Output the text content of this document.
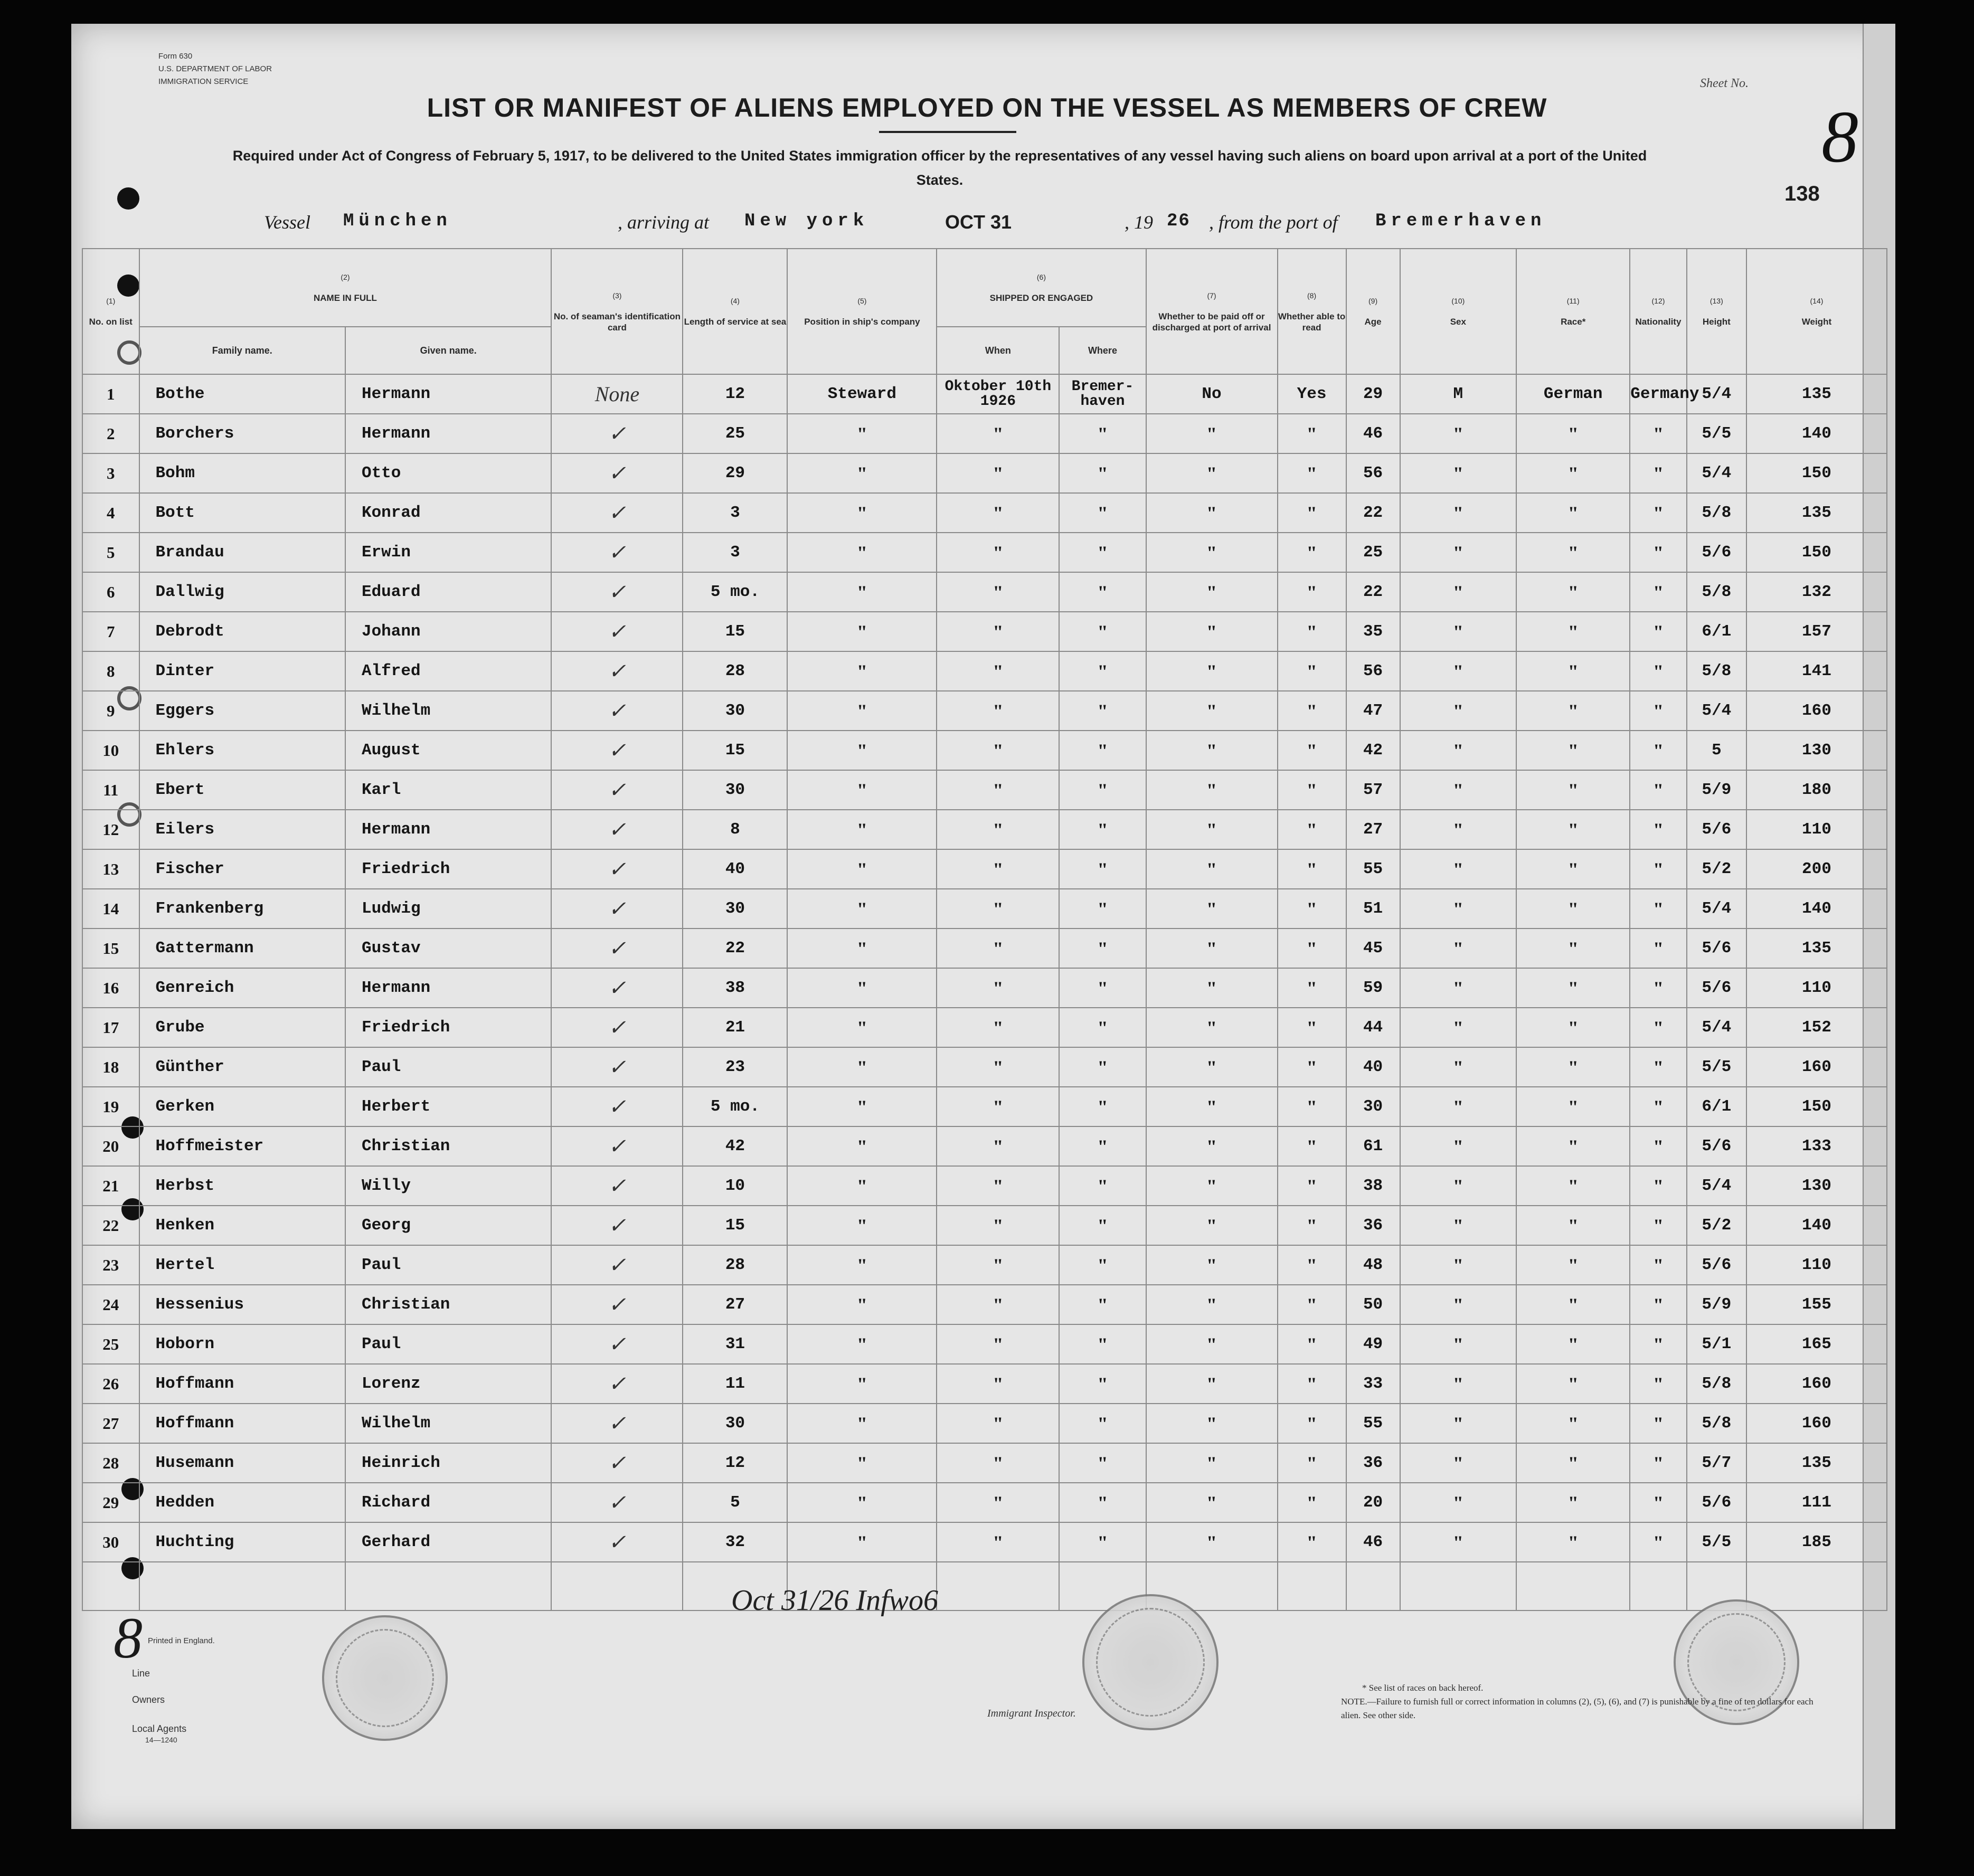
Form 630
U.S. DEPARTMENT OF LABOR
IMMIGRATION SERVICE
LIST OR MANIFEST OF ALIENS EMPLOYED ON THE VESSEL AS MEMBERS OF CREW
Required under Act of Congress of February 5, 1917, to be delivered to the United States immigration officer by the representatives of any vessel having such aliens on board upon arrival at a port of the United States.
Sheet No.
8
138
Vessel München	, arriving at New york	OCT 31	, 19 26 , from the port of Bremerhaven
(1)
No. on list	(2)
NAME IN FULL		(3)
No. of seaman's identification card	(4)
Length of service at sea	(5)
Position in ship's company	(6)
SHIPPED OR ENGAGED		(7)
Whether to be paid off or discharged at port of arrival	(8)
Whether able to read	(9)
Age	(10)
Sex	(11)
Race*	(12)
Nationality	(13)
Height	(14)
Weight
	Family name.	Given name.				When	Where								
1	Bothe	Hermann	None	12	Steward	Oktober 10th 1926	Bremer-haven	No	Yes	29	M	German	Germany	5/4	135
2	Borchers	Hermann	✓	25	"	"	"	"	"	46	"	"	"	5/5	140
3	Bohm	Otto	✓	29	"	"	"	"	"	56	"	"	"	5/4	150
4	Bott	Konrad	✓	3	"	"	"	"	"	22	"	"	"	5/8	135
5	Brandau	Erwin	✓	3	"	"	"	"	"	25	"	"	"	5/6	150
6	Dallwig	Eduard	✓	5 mo.	"	"	"	"	"	22	"	"	"	5/8	132
7	Debrodt	Johann	✓	15	"	"	"	"	"	35	"	"	"	6/1	157
8	Dinter	Alfred	✓	28	"	"	"	"	"	56	"	"	"	5/8	141
9	Eggers	Wilhelm	✓	30	"	"	"	"	"	47	"	"	"	5/4	160
10	Ehlers	August	✓	15	"	"	"	"	"	42	"	"	"	5	130
11	Ebert	Karl	✓	30	"	"	"	"	"	57	"	"	"	5/9	180
12	Eilers	Hermann	✓	8	"	"	"	"	"	27	"	"	"	5/6	110
13	Fischer	Friedrich	✓	40	"	"	"	"	"	55	"	"	"	5/2	200
14	Frankenberg	Ludwig	✓	30	"	"	"	"	"	51	"	"	"	5/4	140
15	Gattermann	Gustav	✓	22	"	"	"	"	"	45	"	"	"	5/6	135
16	Genreich	Hermann	✓	38	"	"	"	"	"	59	"	"	"	5/6	110
17	Grube	Friedrich	✓	21	"	"	"	"	"	44	"	"	"	5/4	152
18	Günther	Paul	✓	23	"	"	"	"	"	40	"	"	"	5/5	160
19	Gerken	Herbert	✓	5 mo.	"	"	"	"	"	30	"	"	"	6/1	150
20	Hoffmeister	Christian	✓	42	"	"	"	"	"	61	"	"	"	5/6	133
21	Herbst	Willy	✓	10	"	"	"	"	"	38	"	"	"	5/4	130
22	Henken	Georg	✓	15	"	"	"	"	"	36	"	"	"	5/2	140
23	Hertel	Paul	✓	28	"	"	"	"	"	48	"	"	"	5/6	110
24	Hessenius	Christian	✓	27	"	"	"	"	"	50	"	"	"	5/9	155
25	Hoborn	Paul	✓	31	"	"	"	"	"	49	"	"	"	5/1	165
26	Hoffmann	Lorenz	✓	11	"	"	"	"	"	33	"	"	"	5/8	160
27	Hoffmann	Wilhelm	✓	30	"	"	"	"	"	55	"	"	"	5/8	160
28	Husemann	Heinrich	✓	12	"	"	"	"	"	36	"	"	"	5/7	135
29	Hedden	Richard	✓	5	"	"	"	"	"	20	"	"	"	5/6	111
30	Huchting	Gerhard	✓	32	"	"	"	"	"	46	"	"	"	5/5	185

8 Printed in England.
Line
Owners
Local Agents
14—1240
Oct 31/26 Infwo6
Immigrant Inspector.
* See list of races on back hereof.
NOTE.—Failure to furnish full or correct information in columns (2), (5), (6), and (7) is punishable by a fine of ten dollars for each alien. See other side.
